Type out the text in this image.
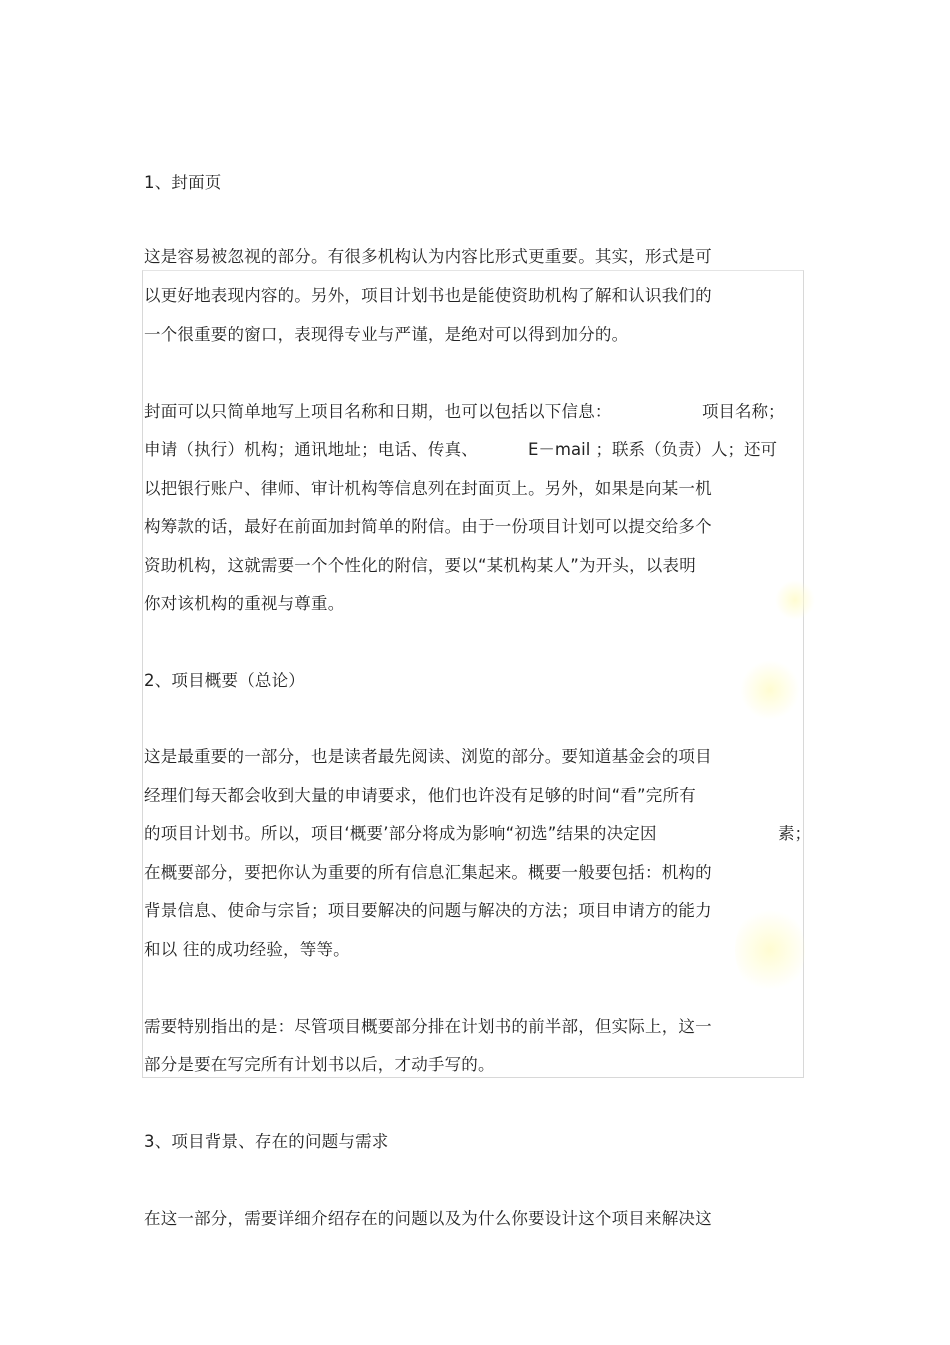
1、封面页
这是容易被忽视的部分。有很多机构认为内容比形式更重要。其实，形式是可
以更好地表现内容的。另外，项目计划书也是能使资助机构了解和认识我们的
一个很重要的窗口，表现得专业与严谨，是绝对可以得到加分的。
封面可以只简单地写上项目名称和日期，也可以包括以下信息：	项目名称；
申请（执行）机构；通讯地址；电话、传真、	E－mail ；联系（负责）人；还可
以把银行账户、律师、审计机构等信息列在封面页上。另外，如果是向某一机
构筹款的话，最好在前面加封简单的附信。由于一份项目计划可以提交给多个
资助机构，这就需要一个个性化的附信，要以“某机构某人”为开头，以表明
你对该机构的重视与尊重。
2、项目概要（总论）
这是最重要的一部分，也是读者最先阅读、浏览的部分。要知道基金会的项目
经理们每天都会收到大量的申请要求，他们也许没有足够的时间“看”完所有
的项目计划书。所以，项目‘概要’部分将成为影响“初选”结果的决定因	素；
在概要部分，要把你认为重要的所有信息汇集起来。概要一般要包括：机构的
背景信息、使命与宗旨；项目要解决的问题与解决的方法；项目申请方的能力
和以 往的成功经验，等等。
需要特别指出的是：尽管项目概要部分排在计划书的前半部，但实际上，这一
部分是要在写完所有计划书以后，才动手写的。
3、项目背景、存在的问题与需求
在这一部分，需要详细介绍存在的问题以及为什么你要设计这个项目来解决这
